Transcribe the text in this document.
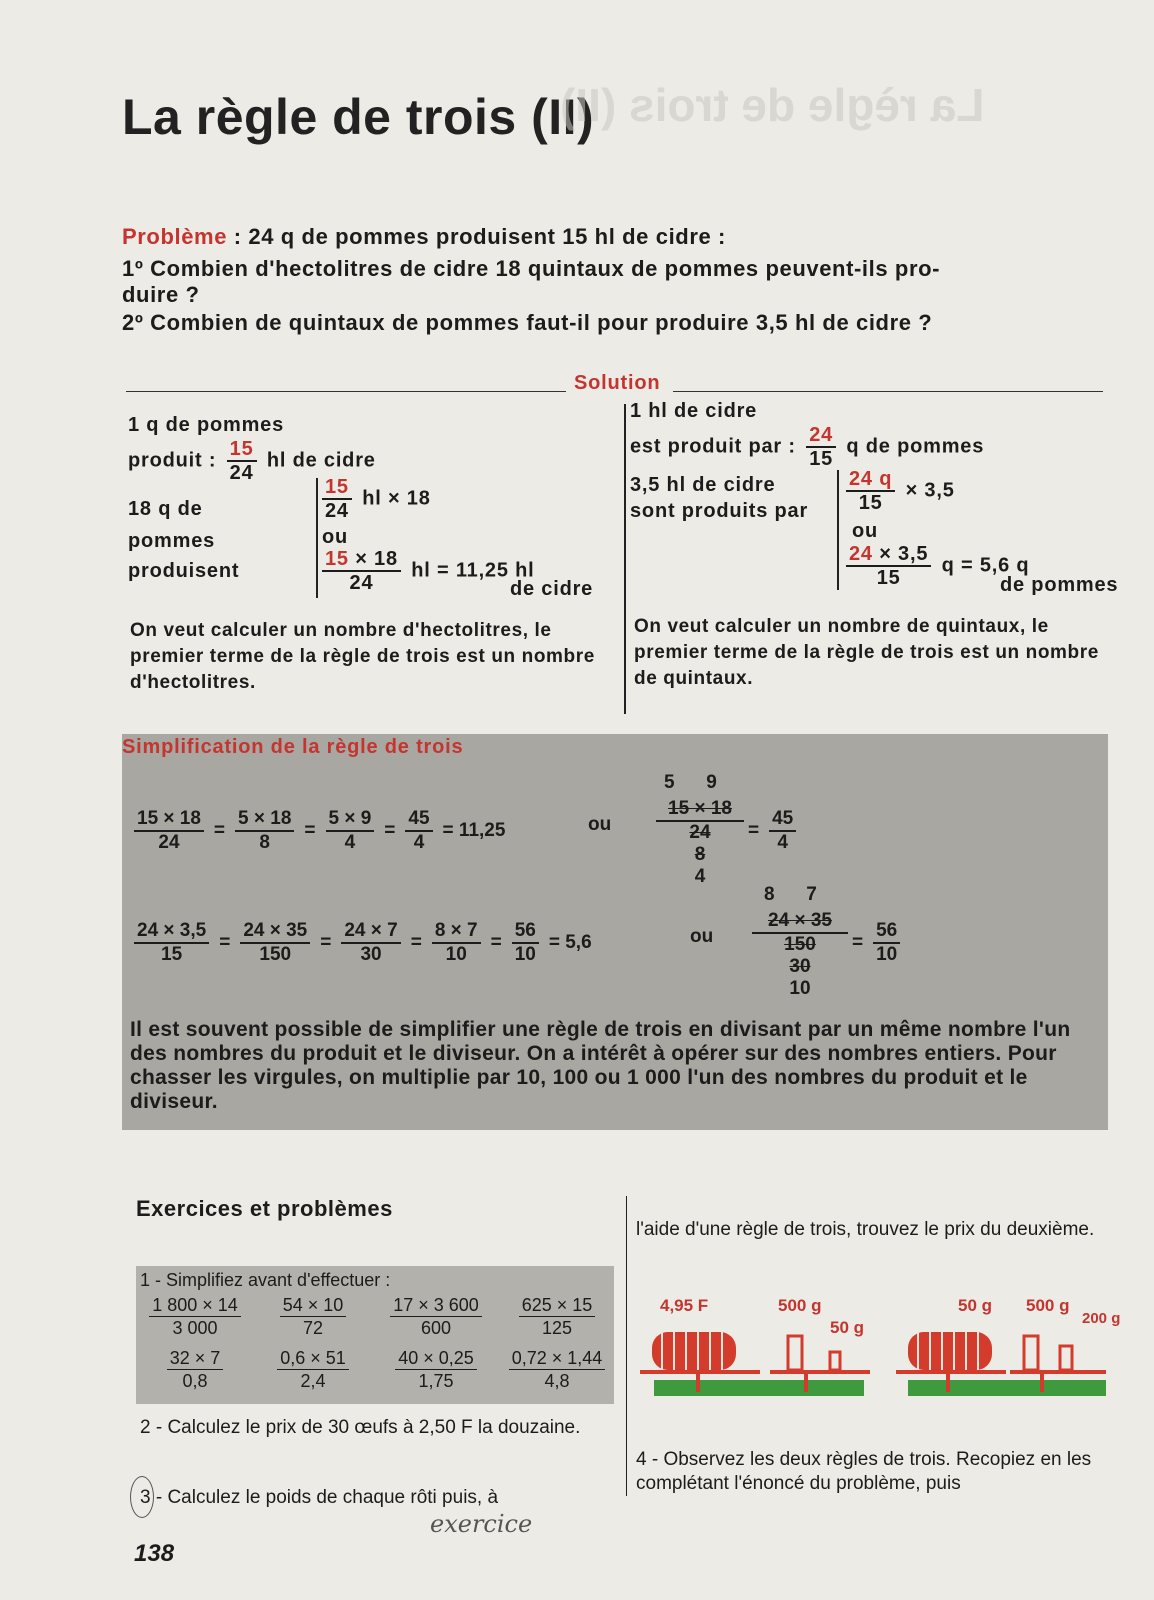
La règle de trois (II)
La règle de trois (II)
Problème : 24 q de pommes produisent 15 hl de cidre :
1º Combien d'hectolitres de cidre 18 quintaux de pommes peuvent-ils pro-
duire ?
2º Combien de quintaux de pommes faut-il pour produire 3,5 hl de cidre ?
Solution
1 q de pommes
produit : $\frac{15}{24}$ hl de cidre
18 q de
pommes
produisent
$\frac{15}{24}$ hl × 18
ou
$\frac{15 \times 18}{24}$ hl = 11,25 hl
de cidre
On veut calculer un nombre d'hectolitres, le premier terme de la règle de trois est un nombre d'hectolitres.
1 hl de cidre
est produit par : $\frac{24}{15}$ q de pommes
3,5 hl de cidre
sont produits par $\frac{24 q}{15} \times 3,5$
ou
$\frac{24 \times 3,5}{15}$ q = 5,6 q
de pommes
On veut calculer un nombre de quintaux, le premier terme de la règle de trois est un nombre de quintaux.
Simplification de la règle de trois
$\frac{15 \times 18}{24} = \frac{5 \times 18}{8} = \frac{5 \times 9}{4} = \frac{45}{4} = 11,25$	ou
5      9
15 × 18
24
8
4
= $\frac{45}{4}$
$\frac{24 \times 3,5}{15} = \frac{24 \times 35}{150} = \frac{24 \times 7}{30} = \frac{8 \times 7}{10} = \frac{56}{10} = 5,6$	ou
8      7
24 × 35
150
30
10
= $\frac{56}{10}$
Il est souvent possible de simplifier une règle de trois en divisant par un même nombre l'un des nombres du produit et le diviseur. On a intérêt à opérer sur des nombres entiers. Pour chasser les virgules, on multiplie par 10, 100 ou 1 000 l'un des nombres du produit et le diviseur.
Exercices et problèmes
1 - Simplifiez avant d'effectuer :
$\frac{1 800 \times 14}{3 000} \frac{54 \times 10}{72} \frac{17 \times 3 600}{600} \frac{625 \times 15}{125}$
$\frac{32 \times 7}{0,8} \frac{0,6 \times 51}{2,4} \frac{40 \times 0,25}{1,75} \frac{0,72 \times 1,44}{4,8}$
2 - Calculez le prix de 30 œufs à 2,50 F la douzaine.
3 - Calculez le poids de chaque rôti puis, à
l'aide d'une règle de trois, trouvez le prix du deuxième.
4,95 F	500 g
50 g
50 g 500 g
200 g
4 - Observez les deux règles de trois. Recopiez en les complétant l'énoncé du problème, puis
138
exercice
